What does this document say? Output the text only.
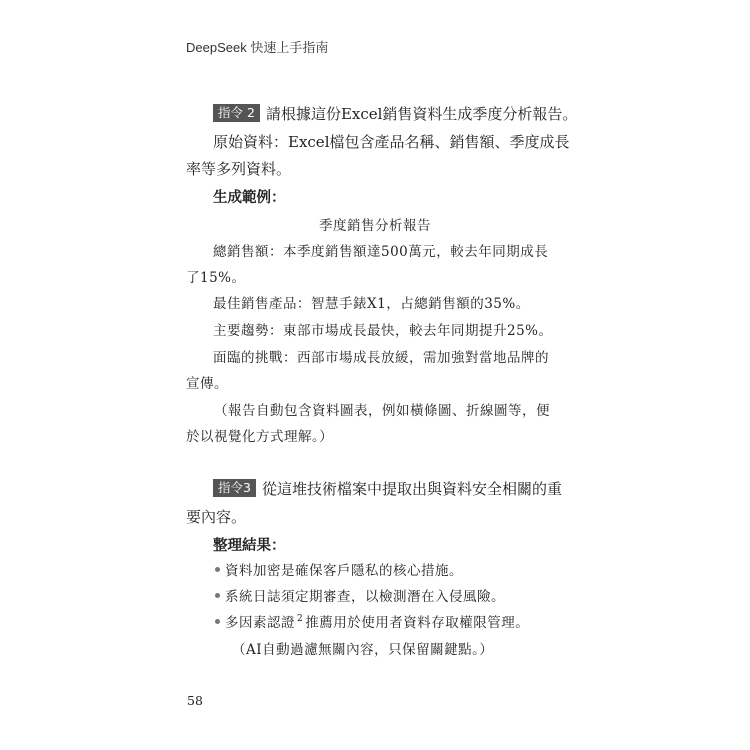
DeepSeek 快速上手指南
指令 2 請根據這份Excel銷售資料生成季度分析報告。
原始資料：Excel檔包含產品名稱、銷售額、季度成長
率等多列資料。
生成範例：
季度銷售分析報告
總銷售額：本季度銷售額達500萬元，較去年同期成長
了15%。
最佳銷售產品：智慧手錶X1，占總銷售額的35%。
主要趨勢：東部市場成長最快，較去年同期提升25%。
面臨的挑戰：西部市場成長放緩，需加強對當地品牌的
宣傳。
（報告自動包含資料圖表，例如橫條圖、折線圖等，便
於以視覺化方式理解。）
指令3 從這堆技術檔案中提取出與資料安全相關的重
要內容。
整理結果：
資料加密是確保客戶隱私的核心措施。
系統日誌須定期審查，以檢測潛在入侵風險。
多因素認證 $^2$ 推薦用於使用者資料存取權限管理。
（AI自動過濾無關內容，只保留關鍵點。）
58
